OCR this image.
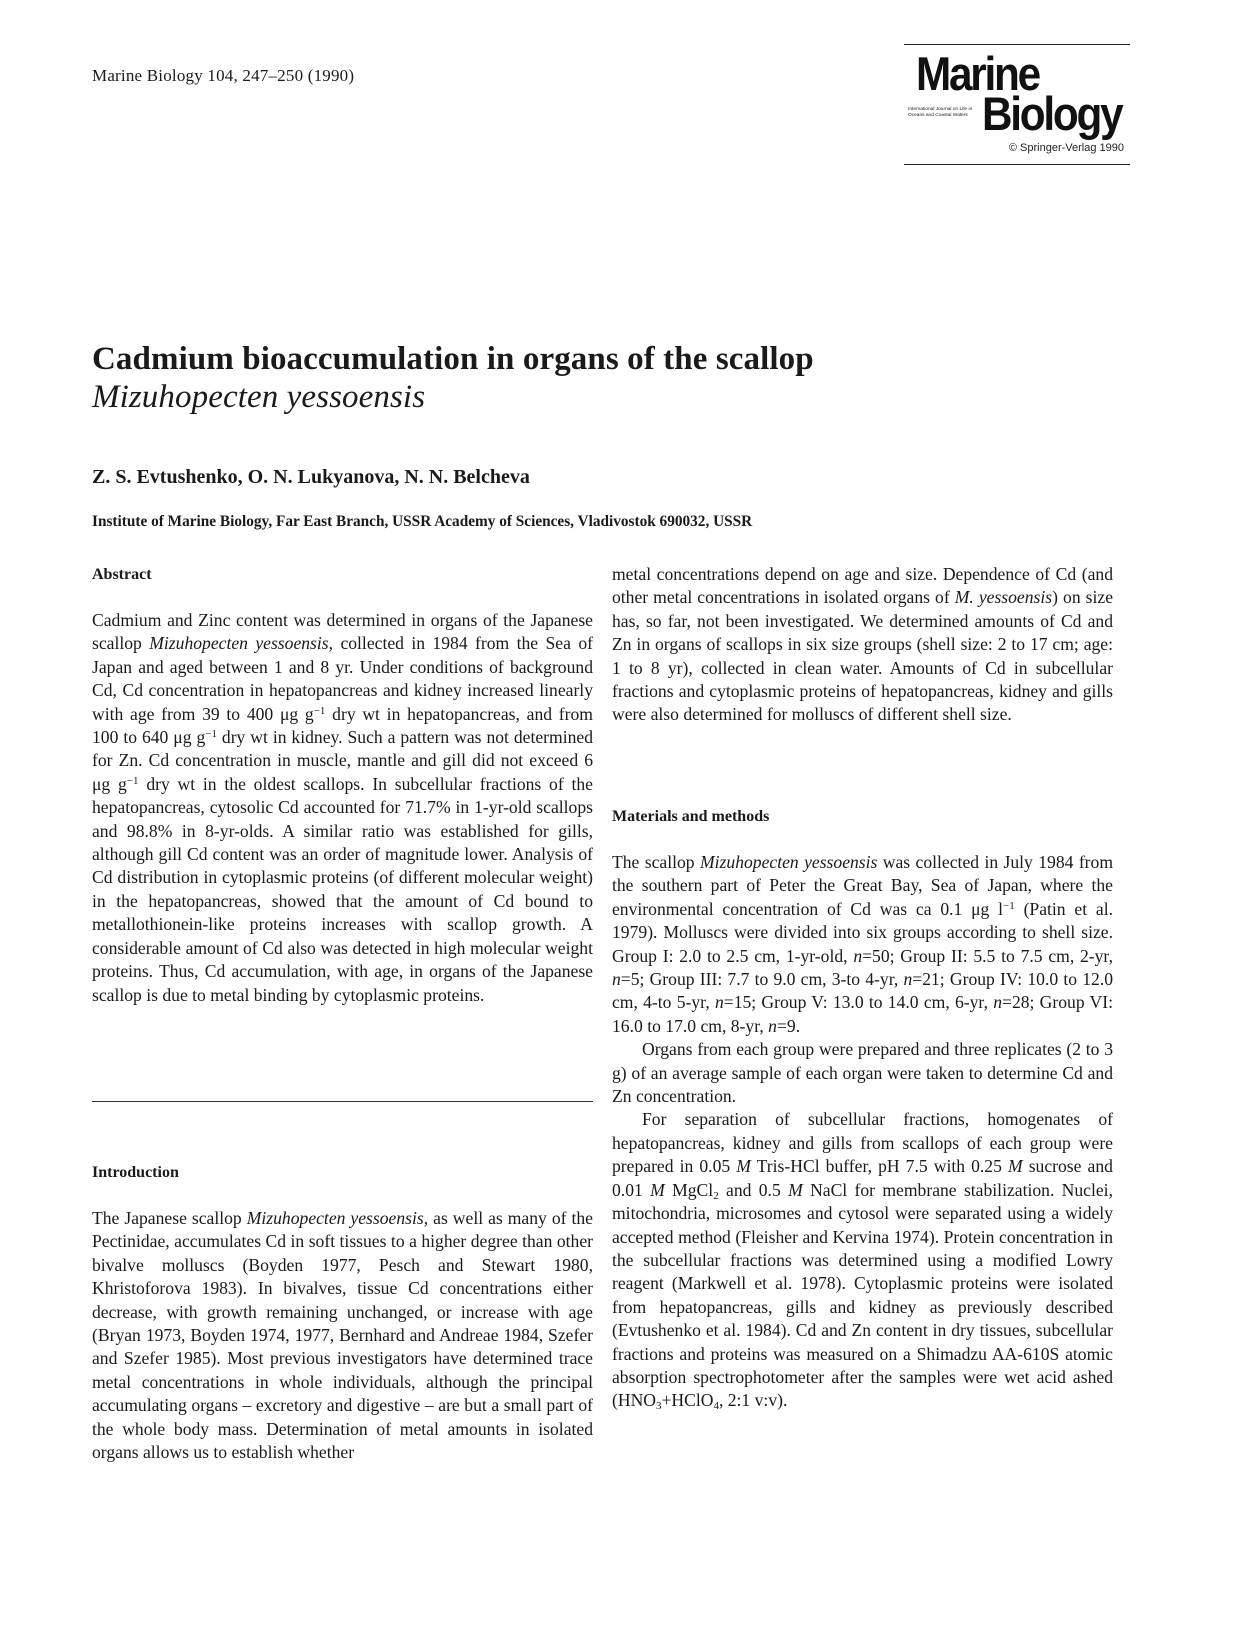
Marine Biology 104, 247–250 (1990)	Marine
International Journal on Life in Oceans and Coastal Waters Biology
© Springer-Verlag 1990
Cadmium bioaccumulation in organs of the scallop
Mizuhopecten yessoensis
Z. S. Evtushenko, O. N. Lukyanova, N. N. Belcheva
Institute of Marine Biology, Far East Branch, USSR Academy of Sciences, Vladivostok 690032, USSR
Abstract

Cadmium and Zinc content was determined in organs of the Japanese scallop Mizuhopecten yessoensis, collected in 1984 from the Sea of Japan and aged between 1 and 8 yr. Under conditions of background Cd, Cd concentration in hepatopancreas and kidney increased linearly with age from 39 to 400 μg $g^{-1}$ dry wt in hepatopancreas, and from 100 to 640 μg $g^{-1}$ dry wt in kidney. Such a pattern was not determined for Zn. Cd concentration in muscle, mantle and gill did not exceed 6 μg $g^{-1}$ dry wt in the oldest scallops. In subcellular fractions of the hepatopancreas, cytosolic Cd accounted for 71.7% in 1-yr-old scallops and 98.8% in 8-yr-olds. A similar ratio was established for gills, although gill Cd content was an order of magnitude lower. Analysis of Cd distribution in cytoplasmic proteins (of different molecular weight) in the hepatopancreas, showed that the amount of Cd bound to metallothionein-like proteins increases with scallop growth. A considerable amount of Cd also was detected in high molecular weight proteins. Thus, Cd accumulation, with age, in organs of the Japanese scallop is due to metal binding by cytoplasmic proteins.

Introduction

The Japanese scallop Mizuhopecten yessoensis, as well as many of the Pectinidae, accumulates Cd in soft tissues to a higher degree than other bivalve molluscs (Boyden 1977, Pesch and Stewart 1980, Khristoforova 1983). In bivalves, tissue Cd concentrations either decrease, with growth remaining unchanged, or increase with age (Bryan 1973, Boyden 1974, 1977, Bernhard and Andreae 1984, Szefer and Szefer 1985). Most previous investigators have determined trace metal concentrations in whole individuals, although the principal accumulating organs – excretory and digestive – are but a small part of the whole body mass. Determination of metal amounts in isolated organs allows us to establish whether

metal concentrations depend on age and size. Dependence of Cd (and other metal concentrations in isolated organs of M. yessoensis) on size has, so far, not been investigated. We determined amounts of Cd and Zn in organs of scallops in six size groups (shell size: 2 to 17 cm; age: 1 to 8 yr), collected in clean water. Amounts of Cd in subcellular fractions and cytoplasmic proteins of hepatopancreas, kidney and gills were also determined for molluscs of different shell size.

Materials and methods

The scallop Mizuhopecten yessoensis was collected in July 1984 from the southern part of Peter the Great Bay, Sea of Japan, where the environmental concentration of Cd was ca 0.1 μg $l^{-1}$ (Patin et al. 1979). Molluscs were divided into six groups according to shell size. Group I: 2.0 to 2.5 cm, 1-yr-old, n=50; Group II: 5.5 to 7.5 cm, 2-yr, n=5; Group III: 7.7 to 9.0 cm, 3-to 4-yr, n=21; Group IV: 10.0 to 12.0 cm, 4-to 5-yr, n=15; Group V: 13.0 to 14.0 cm, 6-yr, n=28; Group VI: 16.0 to 17.0 cm, 8-yr, n=9.

Organs from each group were prepared and three replicates (2 to 3 g) of an average sample of each organ were taken to determine Cd and Zn concentration.

For separation of subcellular fractions, homogenates of hepatopancreas, kidney and gills from scallops of each group were prepared in 0.05 M Tris-HCl buffer, pH 7.5 with 0.25 M sucrose and 0.01 M MgCl$_2$ and 0.5 M NaCl for membrane stabilization. Nuclei, mitochondria, microsomes and cytosol were separated using a widely accepted method (Fleisher and Kervina 1974). Protein concentration in the subcellular fractions was determined using a modified Lowry reagent (Markwell et al. 1978). Cytoplasmic proteins were isolated from hepatopancreas, gills and kidney as previously described (Evtushenko et al. 1984). Cd and Zn content in dry tissues, subcellular fractions and proteins was measured on a Shimadzu AA-610S atomic absorption spectrophotometer after the samples were wet acid ashed ($HNO_3+HClO_4$, 2:1 v:v).
